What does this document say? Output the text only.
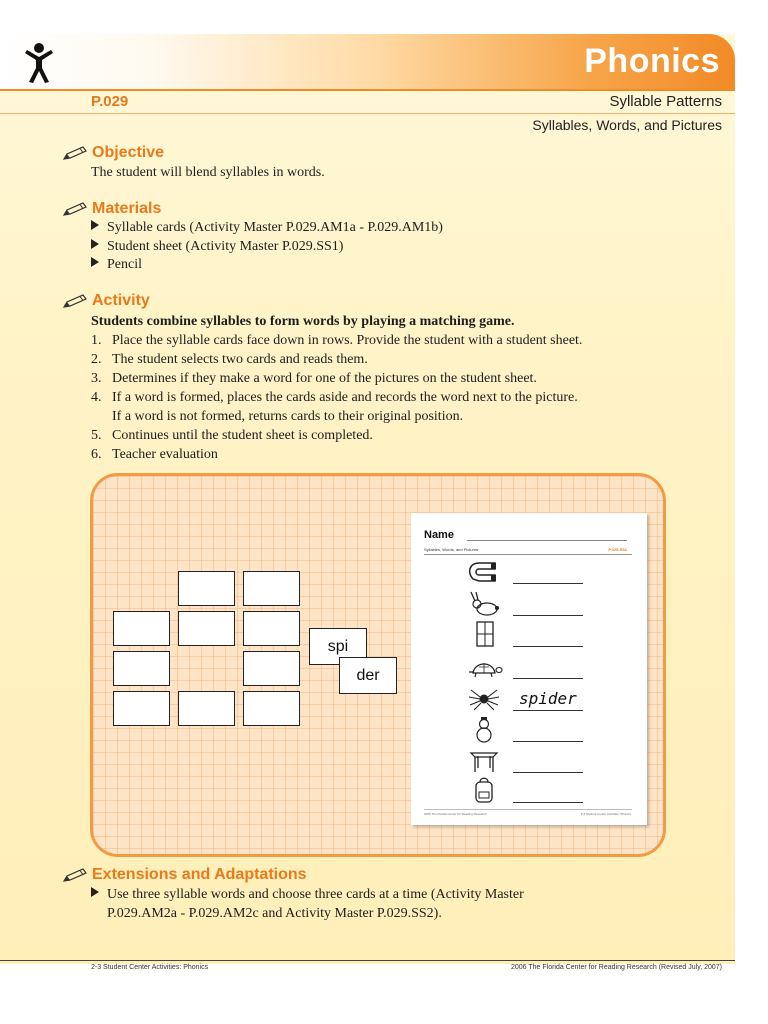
Phonics
P.029	Syllable Patterns
Syllables, Words, and Pictures
Objective
The student will blend syllables in words.
Materials
Syllable cards (Activity Master P.029.AM1a - P.029.AM1b)
Student sheet (Activity Master P.029.SS1)
Pencil
Activity
Students combine syllables to form words by playing a matching game.
1. Place the syllable cards face down in rows. Provide the student with a student sheet.
2. The student selects two cards and reads them.
3. Determines if they make a word for one of the pictures on the student sheet.
4. If a word is formed, places the cards aside and records the word next to the picture.
If a word is not formed, returns cards to their original position.
5. Continues until the student sheet is completed.
6. Teacher evaluation
spi
der
Name
Syllables, Words, and Pictures	P.029.SS1
spider
2006 The Florida Center for Reading Research	2-3 Student Center Activities: Phonics
Extensions and Adaptations
Use three syllable words and choose three cards at a time (Activity Master
P.029.AM2a - P.029.AM2c and Activity Master P.029.SS2).
2-3 Student Center Activities: Phonics	2006 The Florida Center for Reading Research (Revised July, 2007)
